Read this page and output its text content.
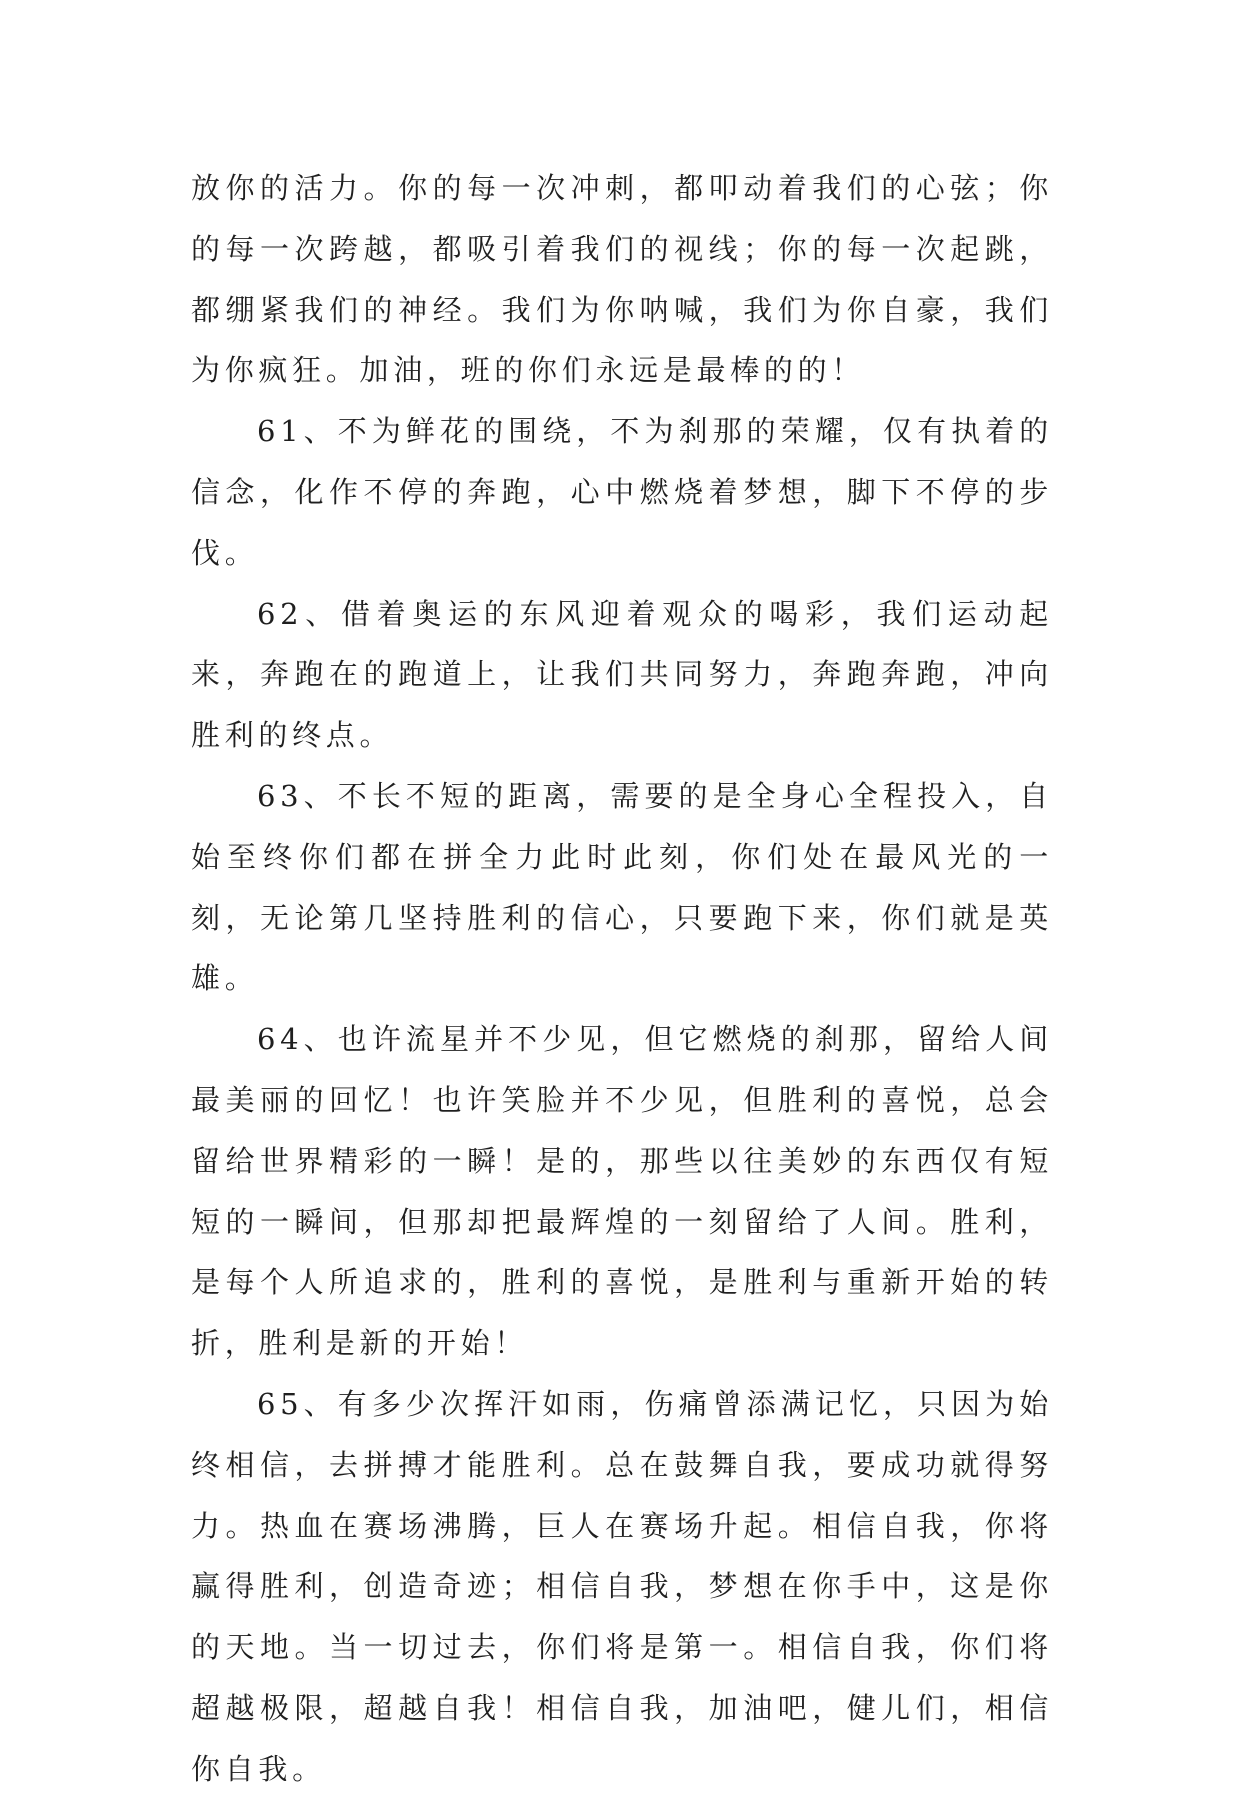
放你的活力。你的每一次冲刺，都叩动着我们的心弦；你的每一次跨越，都吸引着我们的视线；你的每一次起跳，都绷紧我们的神经。我们为你呐喊，我们为你自豪，我们为你疯狂。加油，班的你们永远是最棒的的！

61、不为鲜花的围绕，不为刹那的荣耀，仅有执着的信念，化作不停的奔跑，心中燃烧着梦想，脚下不停的步伐。

62、借着奥运的东风迎着观众的喝彩，我们运动起来，奔跑在的跑道上，让我们共同努力，奔跑奔跑，冲向胜利的终点。

63、不长不短的距离，需要的是全身心全程投入，自始至终你们都在拼全力此时此刻，你们处在最风光的一刻，无论第几坚持胜利的信心，只要跑下来，你们就是英雄。

64、也许流星并不少见，但它燃烧的刹那，留给人间最美丽的回忆！也许笑脸并不少见，但胜利的喜悦，总会留给世界精彩的一瞬！是的，那些以往美妙的东西仅有短短的一瞬间，但那却把最辉煌的一刻留给了人间。胜利，是每个人所追求的，胜利的喜悦，是胜利与重新开始的转折，胜利是新的开始！

65、有多少次挥汗如雨，伤痛曾添满记忆，只因为始终相信，去拼搏才能胜利。总在鼓舞自我，要成功就得努力。热血在赛场沸腾，巨人在赛场升起。相信自我，你将赢得胜利，创造奇迹；相信自我，梦想在你手中，这是你的天地。当一切过去，你们将是第一。相信自我，你们将超越极限，超越自我！相信自我，加油吧，健儿们，相信你自我。
